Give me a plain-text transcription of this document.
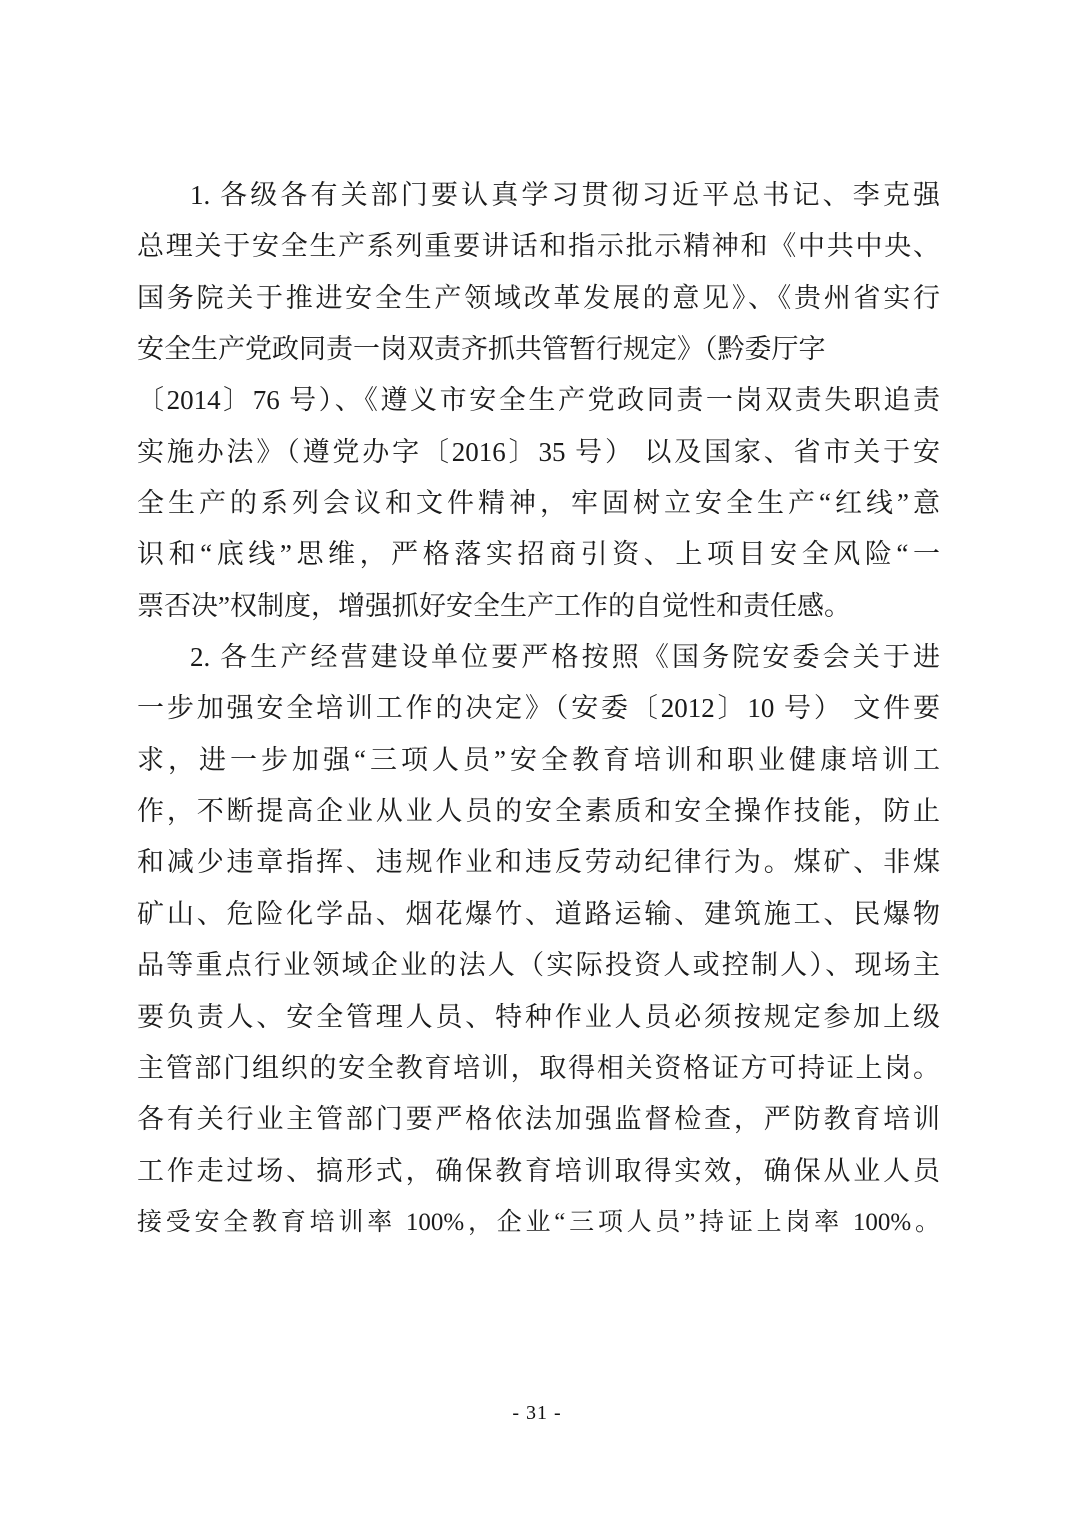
1. 各级各有关部门要认真学习贯彻习近平总书记、李克强
总理关于安全生产系列重要讲话和指示批示精神和《中共中央、
国务院关于推进安全生产领域改革发展的意见》、《贵州省实行
安全生产党政同责一岗双责齐抓共管暂行规定》（黔委厅字
〔2014〕76 号）、《遵义市安全生产党政同责一岗双责失职追责
实施办法》（遵党办字〔2016〕35 号） 以及国家、省市关于安
全生产的系列会议和文件精神，牢固树立安全生产“红线”意
识和“底线”思维，严格落实招商引资、上项目安全风险“一
票否决”权制度，增强抓好安全生产工作的自觉性和责任感。
2. 各生产经营建设单位要严格按照《国务院安委会关于进
一步加强安全培训工作的决定》（安委〔2012〕10 号） 文件要
求，进一步加强“三项人员”安全教育培训和职业健康培训工
作，不断提高企业从业人员的安全素质和安全操作技能，防止
和减少违章指挥、违规作业和违反劳动纪律行为。煤矿、非煤
矿山、危险化学品、烟花爆竹、道路运输、建筑施工、民爆物
品等重点行业领域企业的法人（实际投资人或控制人）、现场主
要负责人、安全管理人员、特种作业人员必须按规定参加上级
主管部门组织的安全教育培训，取得相关资格证方可持证上岗。
各有关行业主管部门要严格依法加强监督检查，严防教育培训
工作走过场、搞形式，确保教育培训取得实效，确保从业人员
接受安全教育培训率 100%，企业“三项人员”持证上岗率 100%。
- 31 -
